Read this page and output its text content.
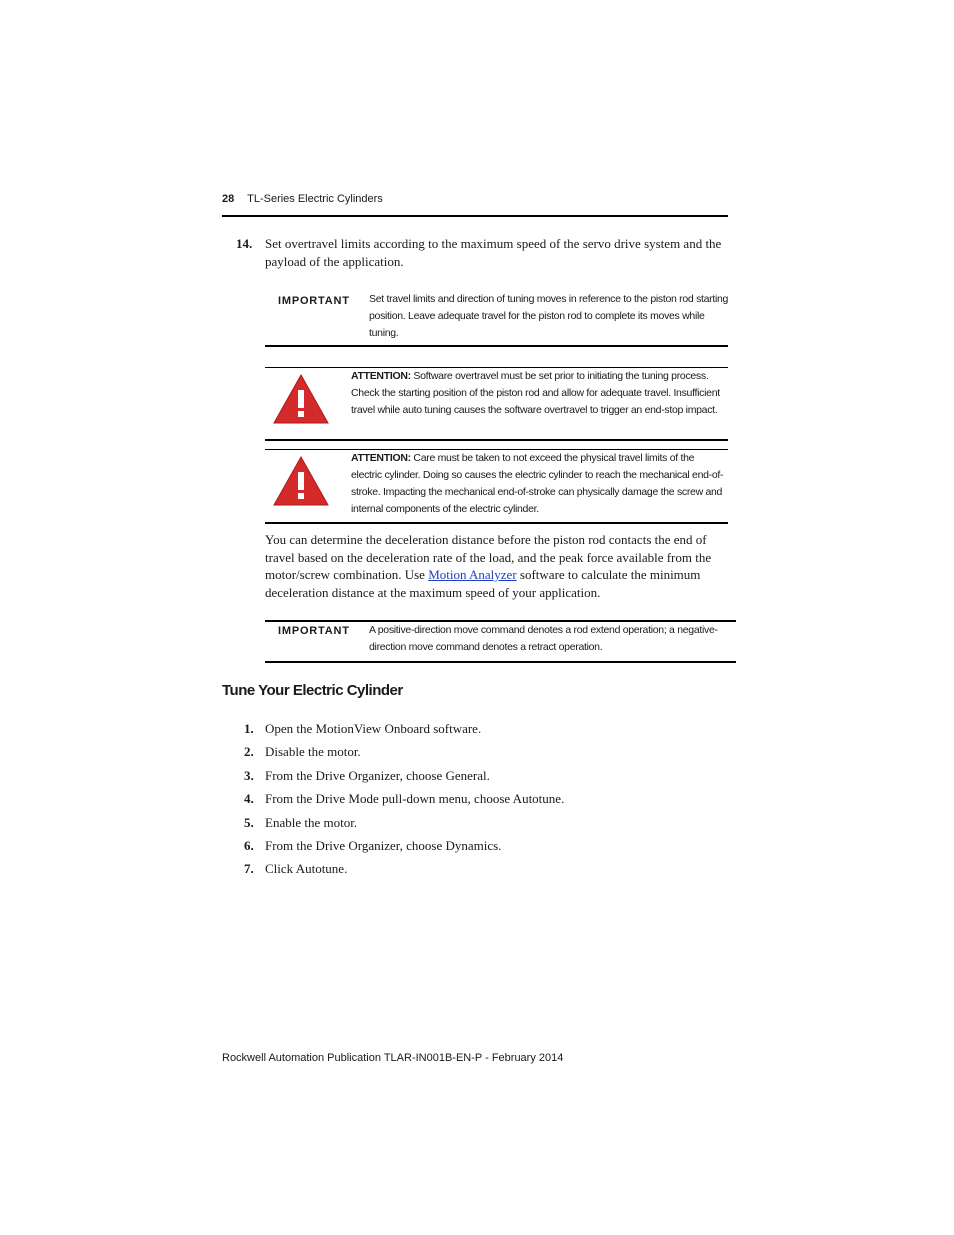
28 TL-Series Electric Cylinders
14. Set overtravel limits according to the maximum speed of the servo drive system and the payload of the application.
IMPORTANT Set travel limits and direction of tuning moves in reference to the piston rod starting position. Leave adequate travel for the piston rod to complete its moves while tuning.
ATTENTION: Software overtravel must be set prior to initiating the tuning process. Check the starting position of the piston rod and allow for adequate travel. Insufficient travel while auto tuning causes the software overtravel to trigger an end-stop impact.
ATTENTION: Care must be taken to not exceed the physical travel limits of the electric cylinder. Doing so causes the electric cylinder to reach the mechanical end-of-stroke. Impacting the mechanical end-of-stroke can physically damage the screw and internal components of the electric cylinder.
You can determine the deceleration distance before the piston rod contacts the end of travel based on the deceleration rate of the load, and the peak force available from the motor/screw combination. Use Motion Analyzer software to calculate the minimum deceleration distance at the maximum speed of your application.
IMPORTANT A positive-direction move command denotes a rod extend operation; a negative-direction move command denotes a retract operation.
Tune Your Electric Cylinder
1. Open the MotionView Onboard software.
2. Disable the motor.
3. From the Drive Organizer, choose General.
4. From the Drive Mode pull-down menu, choose Autotune.
5. Enable the motor.
6. From the Drive Organizer, choose Dynamics.
7. Click Autotune.
Rockwell Automation Publication TLAR-IN001B-EN-P - February 2014
